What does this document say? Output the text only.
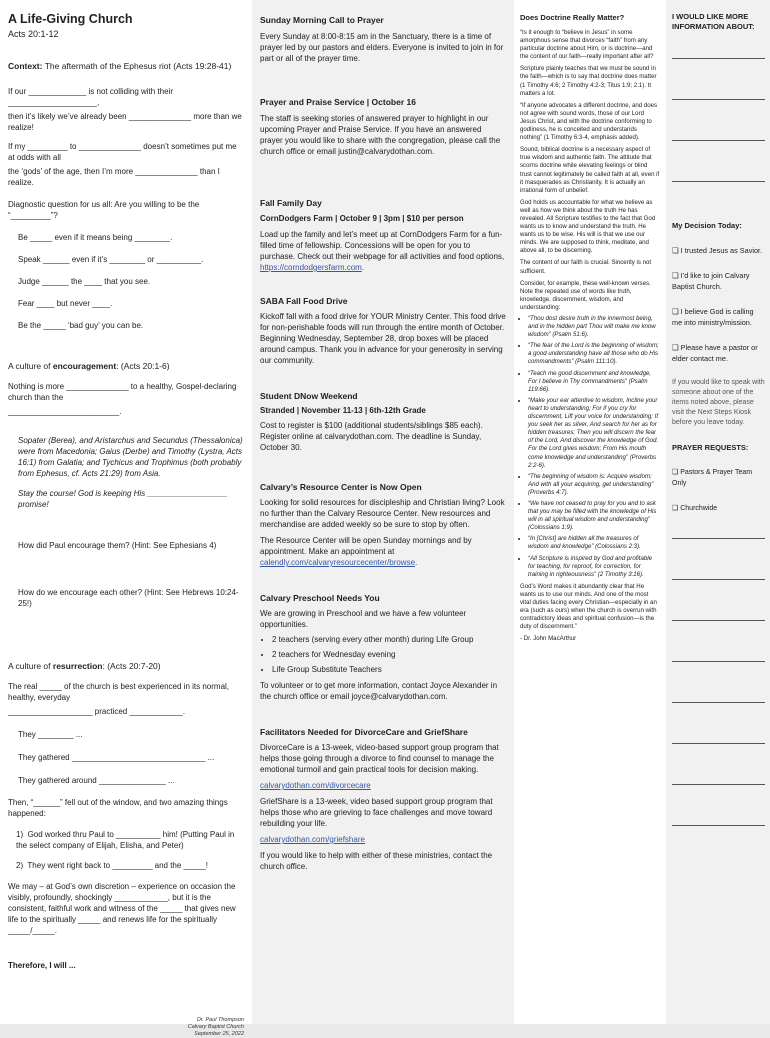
A Life-Giving Church

Acts 20:1-12

Context: The aftermath of the Ephesus riot (Acts 19:28-41)

If our _____________ is not colliding with their ____________________,

then it’s likely we’ve already been ______________ more than we realize!

If my _________ to ______________ doesn’t sometimes put me at odds with all

the ‘gods’ of the age, then I’m more ______________ than I realize.

Diagnostic question for us all: Are you willing to be the “_________”?

Be _____ even if it means being ________.

Speak ______ even if it’s ________ or __________.

Judge ______ the ____ that you see.

Fear ____ but never ____.

Be the _____ ‘bad guy’ you can be.

A culture of encouragement: (Acts 20:1-6)

Nothing is more ______________ to a healthy, Gospel-declaring church than the

_________________________.

Sopater (Berea), and Aristarchus and Secundus (Thessalonica) were from Macedonia; Gaius (Derbe) and Timothy (Lystra, Acts 16:1) from Galatia; and Tychicus and Trophimus (both probably from Ephesus, cf. Acts 21:29) from Asia.

Stay the course! God is keeping His __________________ promise!

How did Paul encourage them? (Hint: See Ephesians 4)

How do we encourage each other? (Hint: See Hebrews 10:24-25!)

A culture of resurrection: (Acts 20:7-20)

The real _____ of the church is best experienced in its normal, healthy, everyday

___________________ practiced ____________.

They ________ ...

They gathered ______________________________ ...

They gathered around _______________ ...

Then, “______” fell out of the window, and two amazing things happened:

1)  God worked thru Paul to __________ him! (Putting Paul in the select company of Elijah, Elisha, and Peter)

2)  They went right back to _________ and the _____!

We may – at God’s own discretion – experience on occasion the visibly, profoundly, shockingly ____________, but it is the consistent, faithful work and witness of the _____ that gives new life to the spiritually _____ and renews life for the spiritually _____/_____.

Therefore, I will ...

Dr. Paul Thompson
Calvary Baptist Church
September 25, 2022

Sunday Morning Call to Prayer

Every Sunday at 8:00-8:15 am in the Sanctuary, there is a time of prayer led by our pastors and elders. Everyone is invited to join in for part or all of the prayer time.

Prayer and Praise Service | October 16

The staff is seeking stories of answered prayer to highlight in our upcoming Prayer and Praise Service. If you have an answered prayer you would like to share with the congregation, please call the church office or email justin@calvarydothan.com.

Fall Family Day

CornDodgers Farm | October 9 | 3pm | $10 per person

Load up the family and let’s meet up at CornDodgers Farm for a fun-filled time of fellowship. Concessions will be open for you to purchase. Check out their webpage for all activities and food options, https://corndodgersfarm.com.

SABA Fall Food Drive

Kickoff fall with a food drive for YOUR Ministry Center. This food drive for non-perishable foods will run through the entire month of October. Beginning Wednesday, September 28, drop boxes will be placed around campus. Thank you in advance for your generosity in serving our community.

Student DNow Weekend

Stranded | November 11-13 | 6th-12th Grade

Cost to register is $100 (additional students/siblings $85 each). Register online at calvarydothan.com. The deadline is Sunday, October 30.

Calvary’s Resource Center is Now Open

Looking for solid resources for discipleship and Christian living? Look no further than the Calvary Resource Center. New resources and merchandise are added weekly so be sure to stop by often.

The Resource Center will be open Sunday mornings and by appointment. Make an appointment at calendly.com/calvaryresourcecenter/browse.

Calvary Preschool Needs You

We are growing in Preschool and we have a few volunteer opportunities.

• 2 teachers (serving every other month) during Life Group
• 2 teachers for Wednesday evening
• Life Group Substitute Teachers

To volunteer or to get more information, contact Joyce Alexander in the church office or email joyce@calvarydothan.com.

Facilitators Needed for DivorceCare and GriefShare

DivorceCare is a 13-week, video-based support group program that helps those going through a divorce to find counsel to manage the emotional turmoil and gain practical tools for decision making.

calvarydothan.com/divorcecare

GriefShare is a 13-week, video based support group program that helps those who are grieving to face challenges and move toward rebuilding your life.

calvarydothan.com/griefshare

If you would like to help with either of these ministries, contact the church office.

Does Doctrine Really Matter?

“Is it enough to “believe in Jesus” in some amorphous sense that divorces “faith” from any particular doctrine about Him, or is doctrine—and the content of our faith—really important after all?

Scripture plainly teaches that we must be sound in the faith—which is to say that doctrine does matter (1 Timothy 4:6; 2 Timothy 4:2-3; Titus 1:9; 2:1). It matters a lot.

“If anyone advocates a different doctrine, and does not agree with sound words, those of our Lord Jesus Christ, and with the doctrine conforming to godliness, he is conceited and understands nothing” (1 Timothy 6:3-4, emphasis added).

Sound, biblical doctrine is a necessary aspect of true wisdom and authentic faith. The attitude that scorns doctrine while elevating feelings or blind trust cannot legitimately be called faith at all, even if it masquerades as Christianity. It is actually an irrational form of unbelief.

God holds us accountable for what we believe as well as how we think about the truth He has revealed. All Scripture testifies to the fact that God wants us to know and understand the truth. He wants us to be wise. His will is that we use our minds. We are supposed to think, meditate, and above all, to be discerning.

The content of our faith is crucial. Sincerity is not sufficient.

Consider, for example, these well-known verses. Note the repeated use of words like truth, knowledge, discernment, wisdom, and understanding:

• “Thou dost desire truth in the innermost being, and in the hidden part Thou wilt make me know wisdom” (Psalm 51:6).
• “The fear of the Lord is the beginning of wisdom; a good understanding have all those who do His commandments” (Psalm 111:10).
• “Teach me good discernment and knowledge, For I believe in Thy commandments” (Psalm 119:66).
• “Make your ear attentive to wisdom, Incline your heart to understanding; For if you cry for discernment, Lift your voice for understanding; If you seek her as silver, And search for her as for hidden treasures; Then you will discern the fear of the Lord, And discover the knowledge of God. For the Lord gives wisdom; From His mouth come knowledge and understanding” (Proverbs 2:2-6).
• “The beginning of wisdom is: Acquire wisdom; And with all your acquiring, get understanding” (Proverbs 4:7).
• “We have not ceased to pray for you and to ask that you may be filled with the knowledge of His will in all spiritual wisdom and understanding” (Colossians 1:9).
• “In [Christ] are hidden all the treasures of wisdom and knowledge” (Colossians 2:3).
• “All Scripture is inspired by God and profitable for teaching, for reproof, for correction, for training in righteousness” (2 Timothy 3:16).

God’s Word makes it abundantly clear that He wants us to use our minds. And one of the most vital duties facing every Christian—especially in an era (such as ours) when the church is overrun with contradictory ideas and spiritual confusion—is the duty of discernment.”

- Dr. John MacArthur

I WOULD LIKE MORE INFORMATION ABOUT:

My Decision Today:

❑ I trusted Jesus as Savior.

❑ I’d like to join Calvary Baptist Church.

❑ I believe God is calling me into ministry/mission.

❑ Please have a pastor or elder contact me.

If you would like to speak with someone about one of the items noted above, please visit the Next Steps Kiosk before you leave today.

PRAYER REQUESTS:

❑ Pastors & Prayer Team Only

❑ Churchwide
